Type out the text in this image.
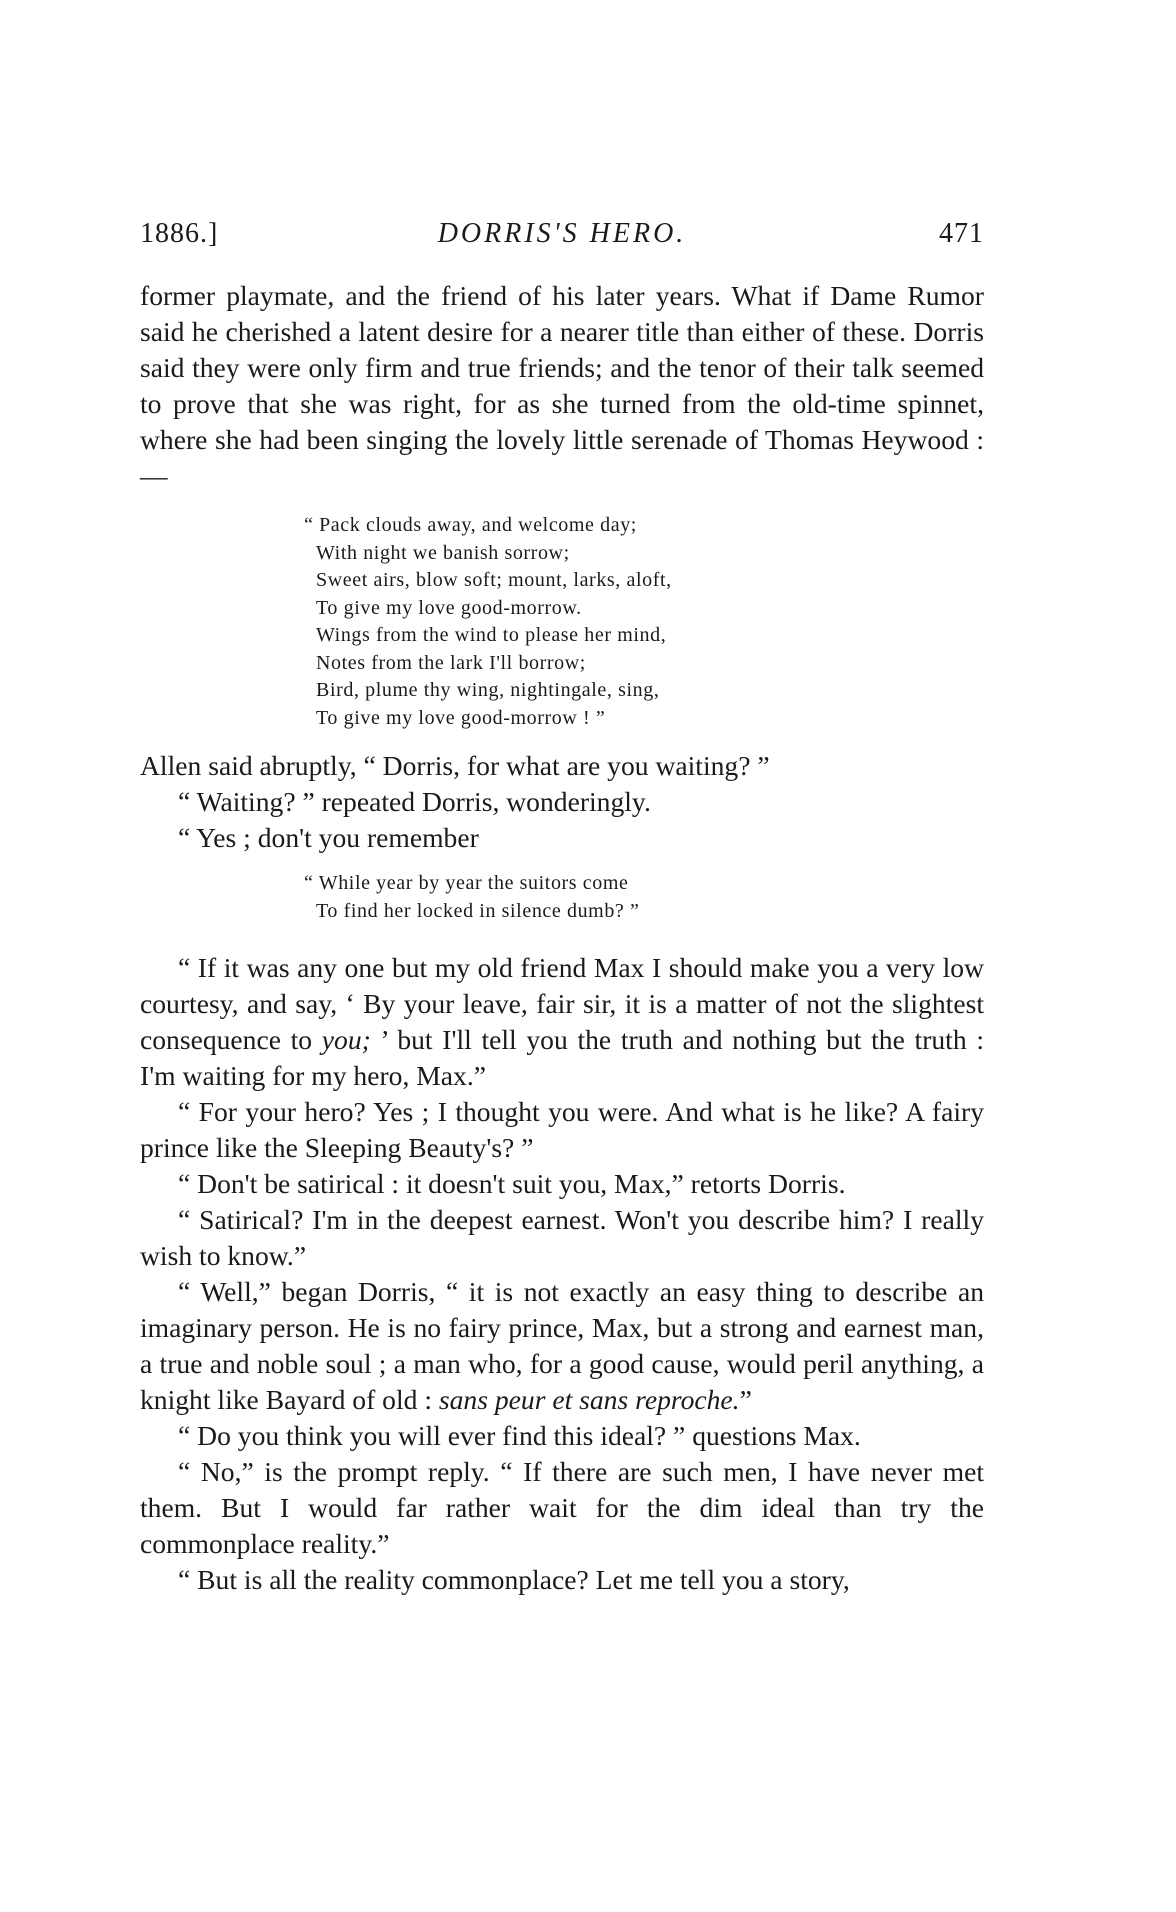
1886.]	DORRIS'S HERO.	471

former playmate, and the friend of his later years. What if Dame Rumor said he cherished a latent desire for a nearer title than either of these. Dorris said they were only firm and true friends; and the tenor of their talk seemed to prove that she was right, for as she turned from the old-time spinnet, where she had been singing the lovely little serenade of Thomas Heywood : —

“ Pack clouds away, and welcome day;
With night we banish sorrow;
Sweet airs, blow soft; mount, larks, aloft,
To give my love good-morrow.
Wings from the wind to please her mind,
Notes from the lark I'll borrow;
Bird, plume thy wing, nightingale, sing,
To give my love good-morrow ! ”

Allen said abruptly, “ Dorris, for what are you waiting? ”

“ Waiting? ” repeated Dorris, wonderingly.

“ Yes ; don't you remember

“ While year by year the suitors come
To find her locked in silence dumb? ”

“ If it was any one but my old friend Max I should make you a very low courtesy, and say, ‘ By your leave, fair sir, it is a matter of not the slightest consequence to you; ’ but I'll tell you the truth and nothing but the truth : I'm waiting for my hero, Max.”

“ For your hero? Yes ; I thought you were. And what is he like? A fairy prince like the Sleeping Beauty's? ”

“ Don't be satirical : it doesn't suit you, Max,” retorts Dorris.

“ Satirical? I'm in the deepest earnest. Won't you describe him? I really wish to know.”

“ Well,” began Dorris, “ it is not exactly an easy thing to describe an imaginary person. He is no fairy prince, Max, but a strong and earnest man, a true and noble soul ; a man who, for a good cause, would peril anything, a knight like Bayard of old : sans peur et sans reproche.”

“ Do you think you will ever find this ideal? ” questions Max.

“ No,” is the prompt reply. “ If there are such men, I have never met them. But I would far rather wait for the dim ideal than try the commonplace reality.”

“ But is all the reality commonplace? Let me tell you a story,
